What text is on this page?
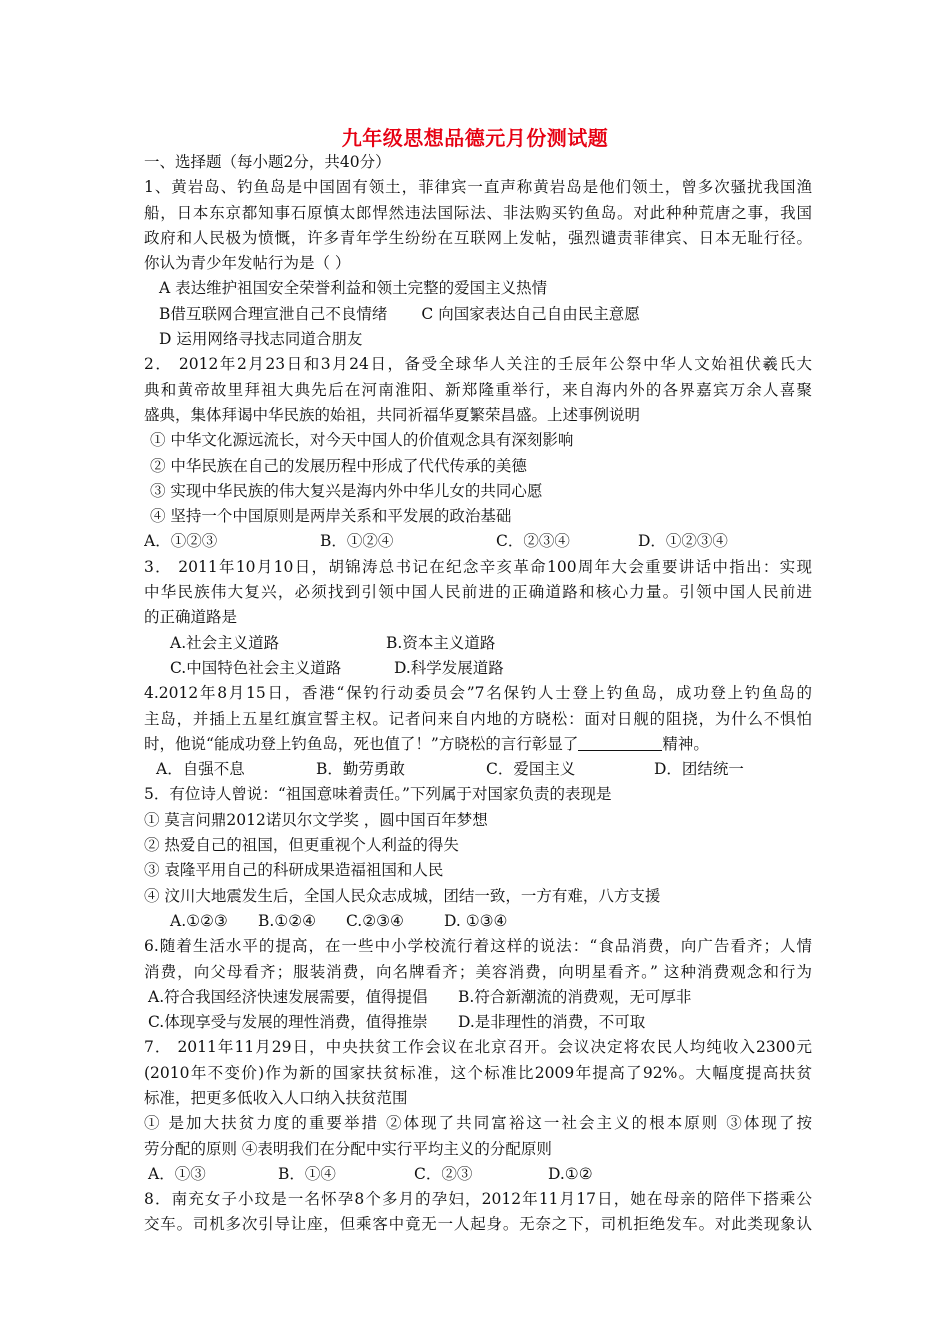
九年级思想品德元月份测试题
一、选择题（每小题2分，共40分）
1、黄岩岛、钓鱼岛是中国固有领土，菲律宾一直声称黄岩岛是他们领土，曾多次骚扰我国渔
船，日本东京都知事石原慎太郎悍然违法国际法、非法购买钓鱼岛。对此种种荒唐之事，我国
政府和人民极为愤慨，许多青年学生纷纷在互联网上发帖，强烈谴责菲律宾、日本无耻行径。
你认为青少年发帖行为是（ ）
A 表达维护祖国安全荣誉利益和领土完整的爱国主义热情
B借互联网合理宣泄自己不良情绪 C 向国家表达自己自由民主意愿
D 运用网络寻找志同道合朋友
2． 2012年2月23日和3月24日，备受全球华人关注的壬辰年公祭中华人文始祖伏羲氏大
典和黄帝故里拜祖大典先后在河南淮阳、新郑隆重举行，来自海内外的各界嘉宾万余人喜聚
盛典，集体拜谒中华民族的始祖，共同祈福华夏繁荣昌盛。上述事例说明
① 中华文化源远流长，对今天中国人的价值观念具有深刻影响
② 中华民族在自己的发展历程中形成了代代传承的美德
③ 实现中华民族的伟大复兴是海内外中华儿女的共同心愿
④ 坚持一个中国原则是两岸关系和平发展的政治基础
A．①②③	B．①②④	C．②③④	D．①②③④
3． 2011年10月10日，胡锦涛总书记在纪念辛亥革命100周年大会重要讲话中指出：实现
中华民族伟大复兴，必须找到引领中国人民前进的正确道路和核心力量。引领中国人民前进
的正确道路是
A.社会主义道路	B.资本主义道路
C.中国特色社会主义道路	D.科学发展道路
4.2012年8月15日，香港“保钓行动委员会”7名保钓人士登上钓鱼岛，成功登上钓鱼岛的
主岛，并插上五星红旗宣誓主权。记者问来自内地的方晓松：面对日舰的阻挠，为什么不惧怕
时，他说“能成功登上钓鱼岛，死也值了！”方晓松的言行彰显了	精神。
A．自强不息	B．勤劳勇敢	C．爱国主义	D．团结统一
5．有位诗人曾说：“祖国意味着责任。”下列属于对国家负责的表现是
① 莫言问鼎2012诺贝尔文学奖 ，圆中国百年梦想
② 热爱自己的祖国，但更重视个人利益的得失
③ 袁隆平用自己的科研成果造福祖国和人民
④ 汶川大地震发生后，全国人民众志成城，团结一致，一方有难，八方支援
A.①②③ B.①②④ C.②③④	D. ①③④
6.随着生活水平的提高，在一些中小学校流行着这样的说法：“食品消费，向广告看齐；人情
消费，向父母看齐；服装消费，向名牌看齐；美容消费，向明星看齐。” 这种消费观念和行为
A.符合我国经济快速发展需要，值得提倡 B.符合新潮流的消费观，无可厚非
C.体现享受与发展的理性消费，值得推崇 D.是非理性的消费，不可取
7． 2011年11月29日，中央扶贫工作会议在北京召开。会议决定将农民人均纯收入2300元
(2010年不变价)作为新的国家扶贫标准，这个标准比2009年提高了92%。大幅度提高扶贫
标准，把更多低收入人口纳入扶贫范围
① 是加大扶贫力度的重要举措 ②体现了共同富裕这一社会主义的根本原则 ③体现了按
劳分配的原则 ④表明我们在分配中实行平均主义的分配原则
A．①③	B．①④	C．②③	D.①②
8．南充女子小玟是一名怀孕8个多月的孕妇，2012年11月17日，她在母亲的陪伴下搭乘公
交车。司机多次引导让座，但乘客中竟无一人起身。无奈之下，司机拒绝发车。对此类现象认
